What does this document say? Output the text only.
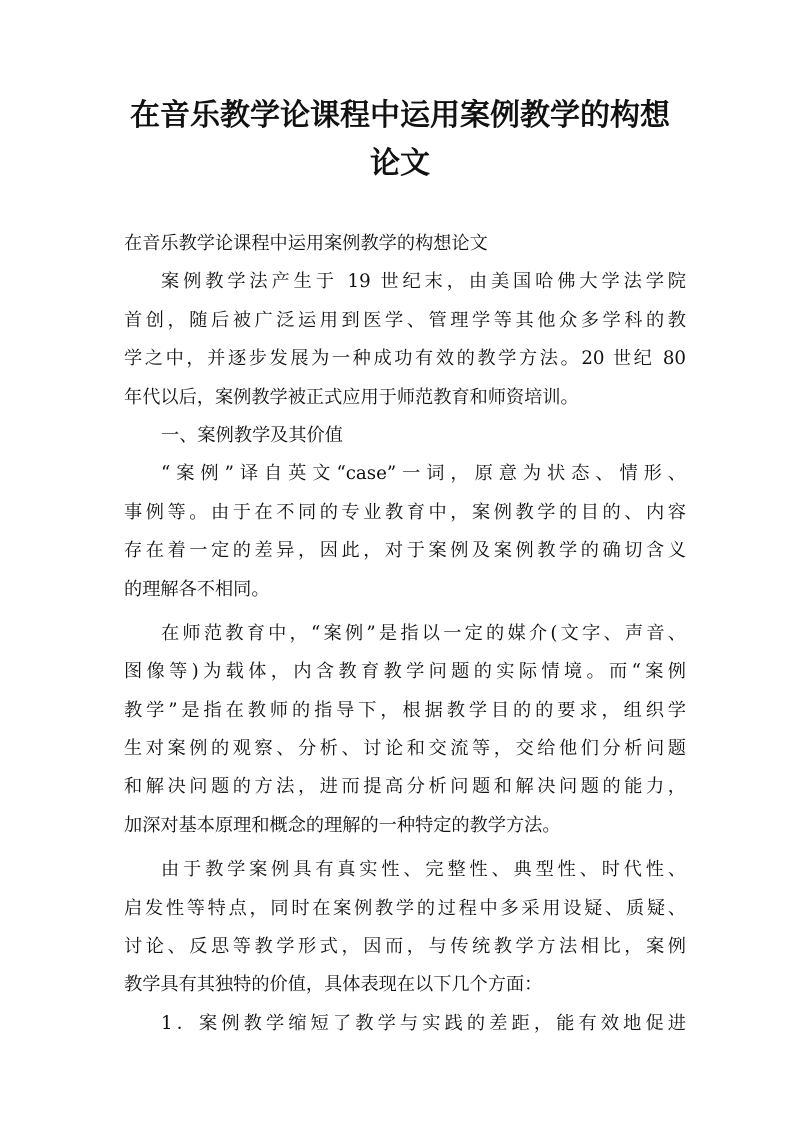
在音乐教学论课程中运用案例教学的构想
论文
在音乐教学论课程中运用案例教学的构想论文
案例教学法产生于 19 世纪末，由美国哈佛大学法学院
首创，随后被广泛运用到医学、管理学等其他众多学科的教
学之中，并逐步发展为一种成功有效的教学方法。20 世纪 80
年代以后，案例教学被正式应用于师范教育和师资培训。
一、案例教学及其价值
“案例”译自英文“case”一词，原意为状态、情形、
事例等。由于在不同的专业教育中，案例教学的目的、内容
存在着一定的差异，因此，对于案例及案例教学的确切含义
的理解各不相同。
在师范教育中，“案例”是指以一定的媒介(文字、声音、
图像等)为载体，内含教育教学问题的实际情境。而“案例
教学”是指在教师的指导下，根据教学目的的要求，组织学
生对案例的观察、分析、讨论和交流等，交给他们分析问题
和解决问题的方法，进而提高分析问题和解决问题的能力，
加深对基本原理和概念的理解的一种特定的教学方法。
由于教学案例具有真实性、完整性、典型性、时代性、
启发性等特点，同时在案例教学的过程中多采用设疑、质疑、
讨论、反思等教学形式，因而，与传统教学方法相比，案例
教学具有其独特的价值，具体表现在以下几个方面：
1．案例教学缩短了教学与实践的差距，能有效地促进
